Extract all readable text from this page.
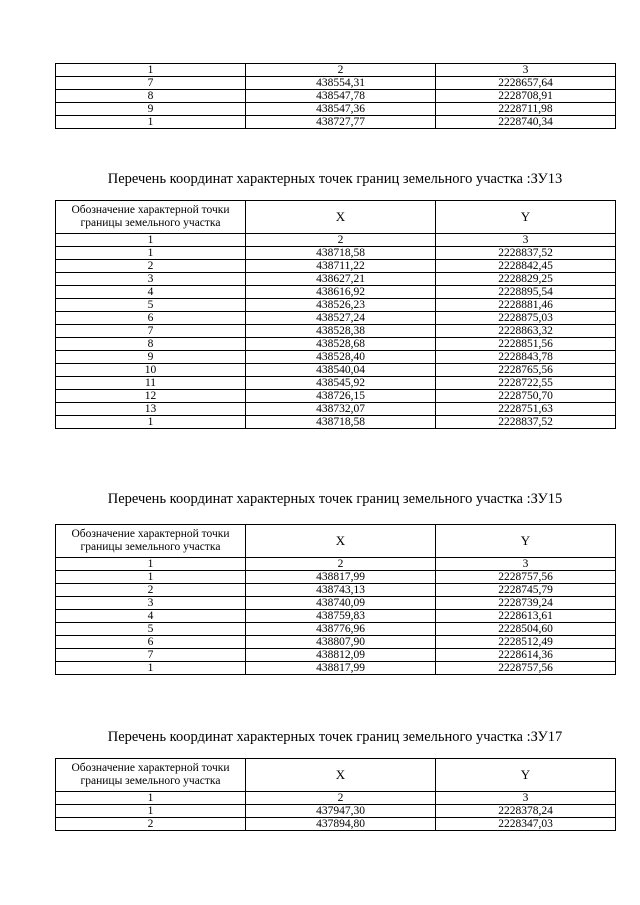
1	2	3
7	438554,31	2228657,64
8	438547,78	2228708,91
9	438547,36	2228711,98
1	438727,77	2228740,34
Перечень координат характерных точек границ земельного участка :ЗУ13
Обозначение характерной точки границы земельного участка	X	Y
1	2	3
1	438718,58	2228837,52
2	438711,22	2228842,45
3	438627,21	2228829,25
4	438616,92	2228895,54
5	438526,23	2228881,46
6	438527,24	2228875,03
7	438528,38	2228863,32
8	438528,68	2228851,56
9	438528,40	2228843,78
10	438540,04	2228765,56
11	438545,92	2228722,55
12	438726,15	2228750,70
13	438732,07	2228751,63
1	438718,58	2228837,52
Перечень координат характерных точек границ земельного участка :ЗУ15
Обозначение характерной точки границы земельного участка	X	Y
1	2	3
1	438817,99	2228757,56
2	438743,13	2228745,79
3	438740,09	2228739,24
4	438759,83	2228613,61
5	438776,96	2228504,60
6	438807,90	2228512,49
7	438812,09	2228614,36
1	438817,99	2228757,56
Перечень координат характерных точек границ земельного участка :ЗУ17
Обозначение характерной точки границы земельного участка	X	Y
1	2	3
1	437947,30	2228378,24
2	437894,80	2228347,03
